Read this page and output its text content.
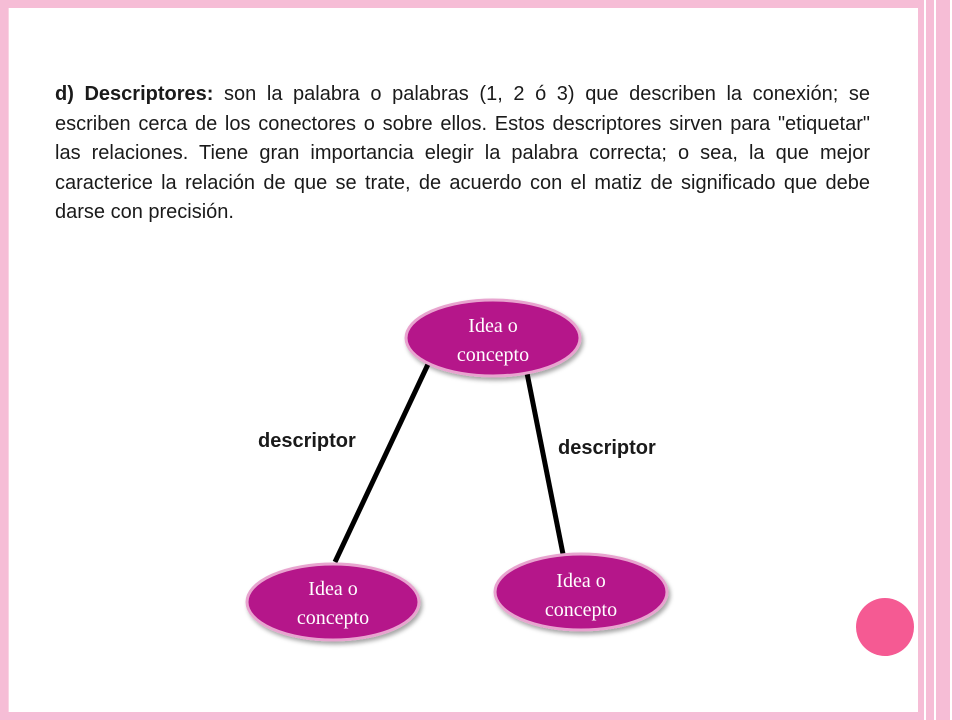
d) Descriptores: son la palabra o palabras (1, 2 ó 3) que describen la conexión; se escriben cerca de los conectores o sobre ellos. Estos descriptores sirven para "etiquetar" las relaciones. Tiene gran importancia elegir la palabra correcta; o sea, la que mejor caracterice la relación de que se trate, de acuerdo con el matiz de significado que debe darse con precisión.

Idea o
concepto
Idea o
concepto
Idea o
concepto
descriptor	descriptor
